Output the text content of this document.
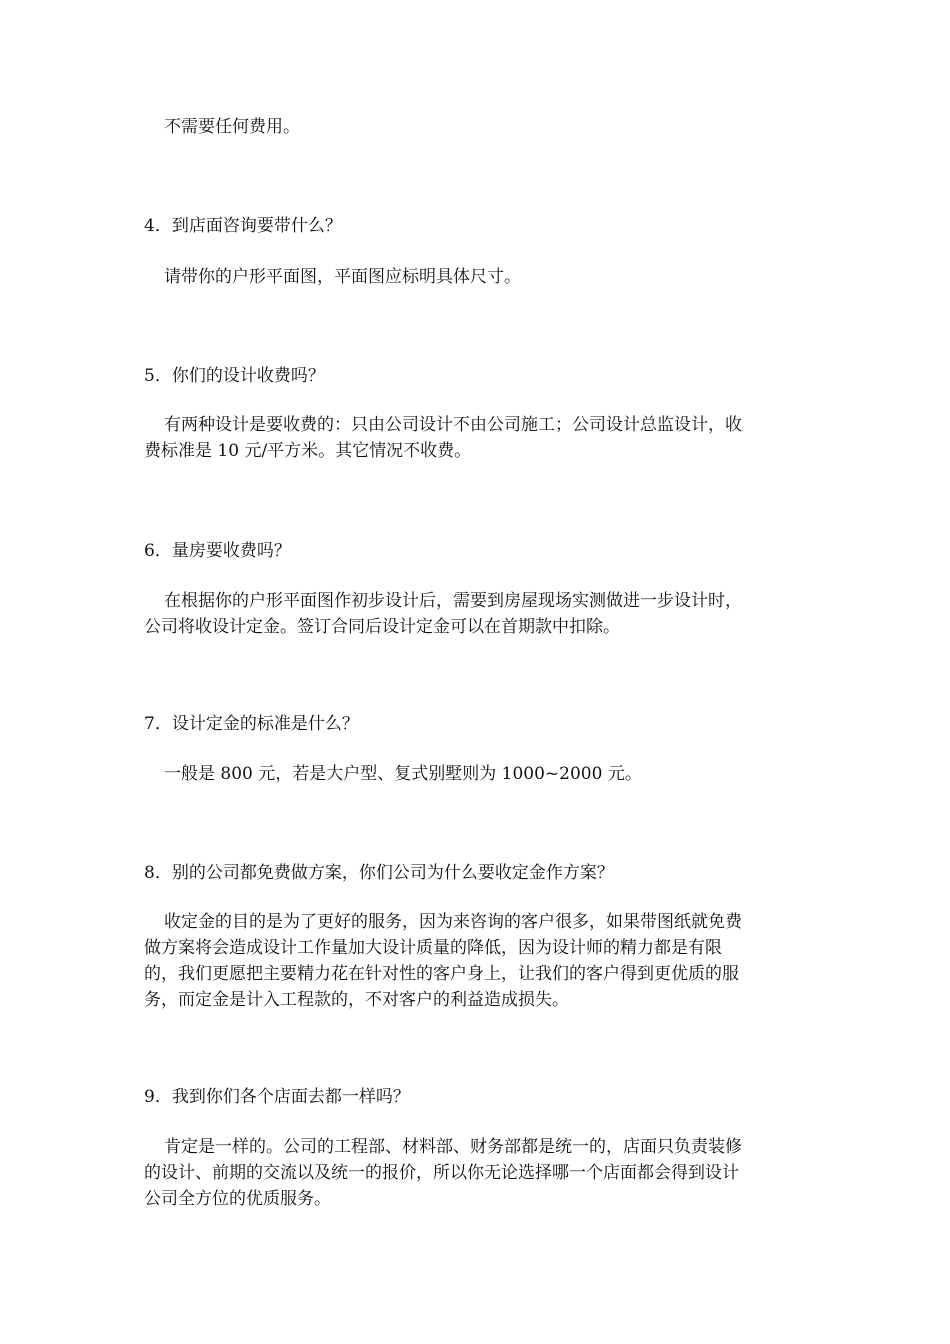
不需要任何费用。

4．到店面咨询要带什么？

请带你的户形平面图，平面图应标明具体尺寸。

5．你们的设计收费吗？

有两种设计是要收费的：只由公司设计不由公司施工；公司设计总监设计，收

费标准是 10 元/平方米。其它情况不收费。

6．量房要收费吗？

在根据你的户形平面图作初步设计后，需要到房屋现场实测做进一步设计时，

公司将收设计定金。签订合同后设计定金可以在首期款中扣除。

7．设计定金的标准是什么？

一般是 800 元，若是大户型、复式别墅则为 1000~2000 元。

8．别的公司都免费做方案，你们公司为什么要收定金作方案？

收定金的目的是为了更好的服务，因为来咨询的客户很多，如果带图纸就免费

做方案将会造成设计工作量加大设计质量的降低，因为设计师的精力都是有限

的，我们更愿把主要精力花在针对性的客户身上，让我们的客户得到更优质的服

务，而定金是计入工程款的，不对客户的利益造成损失。

9．我到你们各个店面去都一样吗？

肯定是一样的。公司的工程部、材料部、财务部都是统一的，店面只负责装修

的设计、前期的交流以及统一的报价，所以你无论选择哪一个店面都会得到设计

公司全方位的优质服务。
